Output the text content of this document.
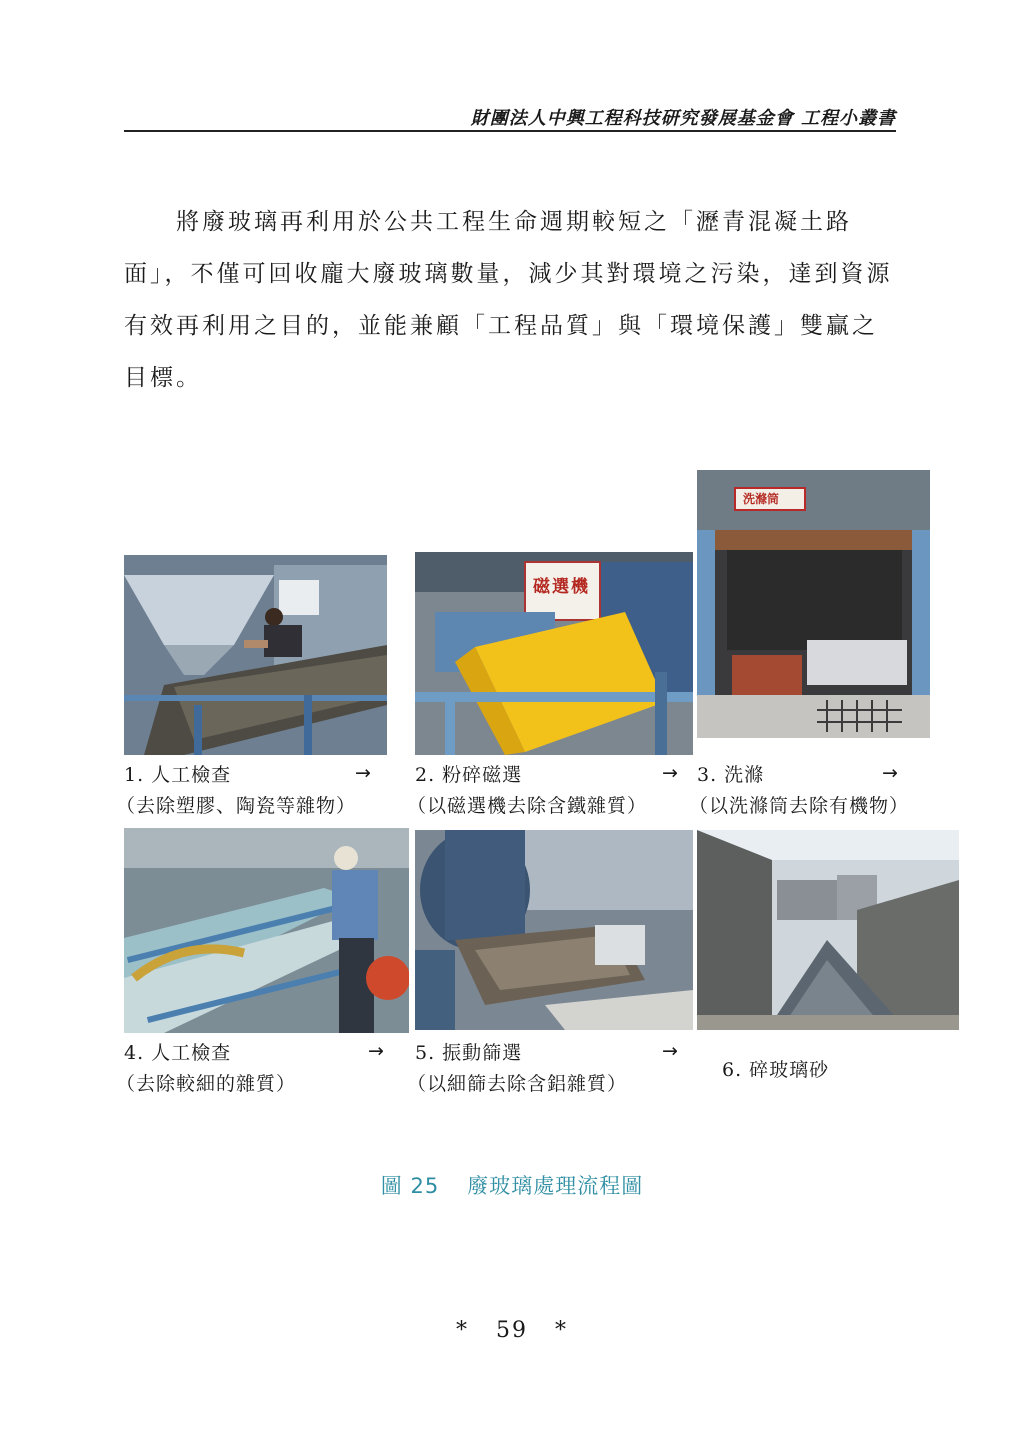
財團法人中興工程科技研究發展基金會 工程小叢書

  將廢玻璃再利用於公共工程生命週期較短之「瀝青混凝土路面」，不僅可回收龐大廢玻璃數量，減少其對環境之污染，達到資源有效再利用之目的，並能兼顧「工程品質」與「環境保護」雙贏之目標。

磁選機
洗滌筒
1. 人工檢查
（去除塑膠、陶瓷等雜物）
→ 2. 粉碎磁選
（以磁選機去除含鐵雜質）
→ 3. 洗滌
（以洗滌筒去除有機物）
→
4. 人工檢查
（去除較細的雜質）
→ 5. 振動篩選
（以細篩去除含鋁雜質）
→
6. 碎玻璃砂
圖 25 廢玻璃處理流程圖
*   59   *
